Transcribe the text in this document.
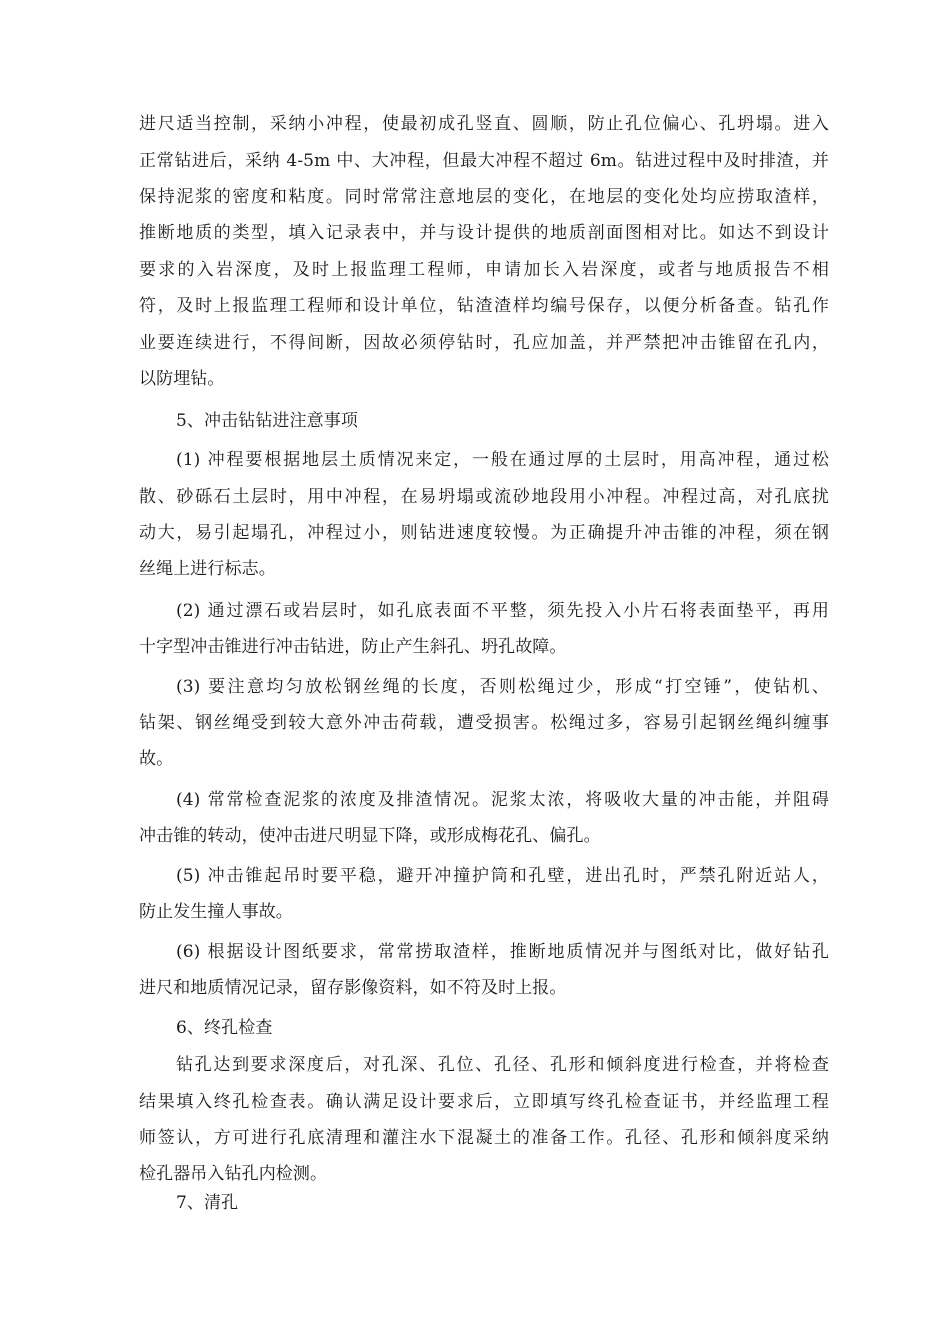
进尺适当控制，采纳小冲程，使最初成孔竖直、圆顺，防止孔位偏心、孔坍塌。进入
正常钻进后，采纳 4-5m 中、大冲程，但最大冲程不超过 6m。钻进过程中及时排渣，并
保持泥浆的密度和粘度。同时常常注意地层的变化，在地层的变化处均应捞取渣样，
推断地质的类型，填入记录表中，并与设计提供的地质剖面图相对比。如达不到设计
要求的入岩深度，及时上报监理工程师，申请加长入岩深度，或者与地质报告不相
符，及时上报监理工程师和设计单位，钻渣渣样均编号保存，以便分析备查。钻孔作
业要连续进行，不得间断，因故必须停钻时，孔应加盖，并严禁把冲击锥留在孔内，
以防埋钻。
5、冲击钻钻进注意事项
(1) 冲程要根据地层土质情况来定，一般在通过厚的土层时，用高冲程，通过松
散、砂砾石土层时，用中冲程，在易坍塌或流砂地段用小冲程。冲程过高，对孔底扰
动大，易引起塌孔，冲程过小，则钻进速度较慢。为正确提升冲击锥的冲程，须在钢
丝绳上进行标志。
(2) 通过漂石或岩层时，如孔底表面不平整，须先投入小片石将表面垫平，再用
十字型冲击锥进行冲击钻进，防止产生斜孔、坍孔故障。
(3) 要注意均匀放松钢丝绳的长度，否则松绳过少，形成“打空锤”，使钻机、
钻架、钢丝绳受到较大意外冲击荷载，遭受损害。松绳过多，容易引起钢丝绳纠缠事
故。
(4) 常常检查泥浆的浓度及排渣情况。泥浆太浓，将吸收大量的冲击能，并阻碍
冲击锥的转动，使冲击进尺明显下降，或形成梅花孔、偏孔。
(5) 冲击锥起吊时要平稳，避开冲撞护筒和孔壁，进出孔时，严禁孔附近站人，
防止发生撞人事故。
(6) 根据设计图纸要求，常常捞取渣样，推断地质情况并与图纸对比，做好钻孔
进尺和地质情况记录，留存影像资料，如不符及时上报。
6、终孔检查
钻孔达到要求深度后，对孔深、孔位、孔径、孔形和倾斜度进行检查，并将检查
结果填入终孔检查表。确认满足设计要求后，立即填写终孔检查证书，并经监理工程
师签认，方可进行孔底清理和灌注水下混凝土的准备工作。孔径、孔形和倾斜度采纳
检孔器吊入钻孔内检测。
7、清孔
